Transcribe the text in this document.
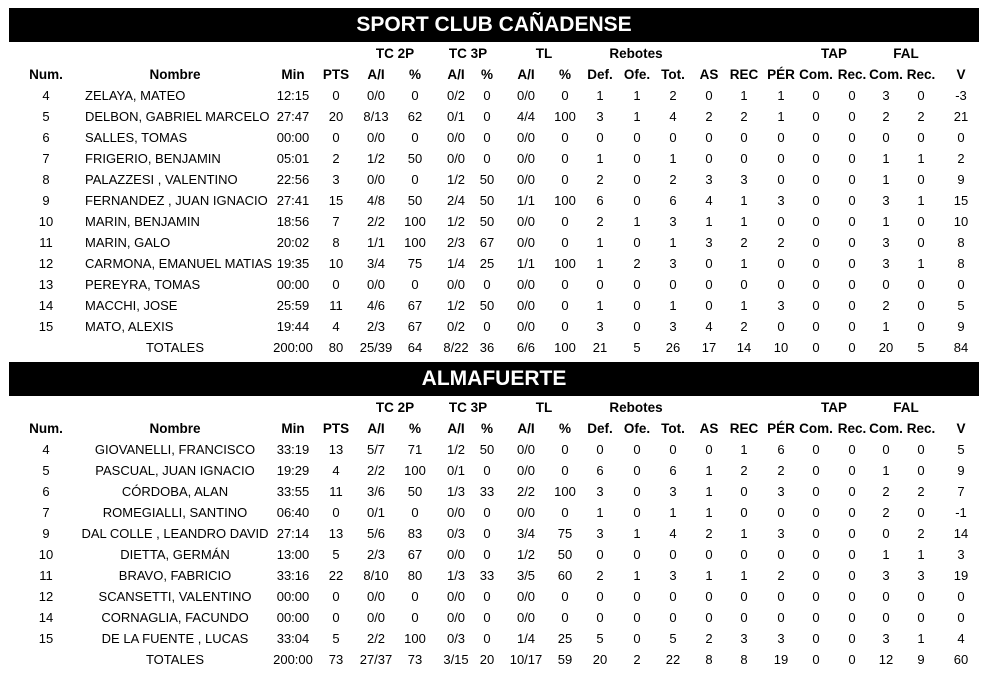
SPORT CLUB CAÑADENSE
TC 2P	TC 3P	TL	Rebotes	TAP	FAL
Num.	Nombre	Min PTS A/I % A/I % A/I % Def. Ofe. Tot. AS REC PÉR Com. Rec. Com. Rec. V
4	ZELAYA, MATEO	12:15 0 0/0 0 0/2 0 0/0 0 1 1 2 0 1 1 0 0 3 0 -3
5	DELBON, GABRIEL MARCELO 27:47 20 8/13 62 0/1 0 4/4 100 3 1 4 2 2 1 0 0 2 2 21
6	SALLES, TOMAS	00:00 0 0/0 0 0/0 0 0/0 0 0 0 0 0 0 0 0 0 0 0	0
7	FRIGERIO, BENJAMIN	05:01 2 1/2 50 0/0 0 0/0 0 1 0 1 0 0 0 0 0 1 1	2
8	PALAZZESI , VALENTINO	22:56 3 0/0 0 1/2 50 0/0 0 2 0 2 3 3 0 0 0 1 0	9
9	FERNANDEZ , JUAN IGNACIO 27:41 15 4/8 50 2/4 50 1/1 100 6 0 6 4 1 3 0 0 3 1 15
10 MARIN, BENJAMIN	18:56 7 2/2 100 1/2 50 0/0 0 2 1 3 1 1 0 0 0 1 0 10
11 MARIN, GALO	20:02 8 1/1 100 2/3 67 0/0 0 1 0 1 3 2 2 0 0 3 0	8
12 CARMONA, EMANUEL MATIAS 19:35 10 3/4 75 1/4 25 1/1 100 1 2 3 0 1 0 0 0 3 1	8
13 PEREYRA, TOMAS	00:00 0 0/0 0 0/0 0 0/0 0 0 0 0 0 0 0 0 0 0 0	0
14 MACCHI, JOSE	25:59 11 4/6 67 1/2 50 0/0 0 1 0 1 0 1 3 0 0 2 0	5
15 MATO, ALEXIS	19:44 4 2/3 67 0/2 0 0/0 0 3 0 3 4 2 0 0 0 1 0	9
TOTALES	200:00 80 25/39 64 8/22 36 6/6 100 21 5 26 17 14 10 0 0 20 5 84
ALMAFUERTE
TC 2P	TC 3P	TL	Rebotes	TAP	FAL
Num.	Nombre	Min PTS A/I % A/I % A/I % Def. Ofe. Tot. AS REC PÉR Com. Rec. Com. Rec. V
4	GIOVANELLI, FRANCISCO 33:19 13 5/7 71 1/2 50 0/0 0 0 0 0 0 1 6 0 0 0 0	5
5	PASCUAL, JUAN IGNACIO 19:29 4 2/2 100 0/1 0 0/0 0 6 0 6 1 2 2 0 0 1 0	9
6	CÓRDOBA, ALAN	33:55 11 3/6 50 1/3 33 2/2 100 3 0 3 1 0 3 0 0 2 2	7
7	ROMEGIALLI, SANTINO 06:40 0 0/1 0 0/0 0 0/0 0 1 0 1 1 0 0 0 0 2 0 -1
9 DAL COLLE , LEANDRO DAVID 27:14 13 5/6 83 0/3 0 3/4 75 3 1 4 2 1 3 0 0 0 2 14
10	DIETTA, GERMÁN	13:00 5 2/3 67 0/0 0 1/2 50 0 0 0 0 0 0 0 0 1 1	3
11	BRAVO, FABRICIO	33:16 22 8/10 80 1/3 33 3/5 60 2 1 3 1 1 2 0 0 3 3 19
12	SCANSETTI, VALENTINO 00:00 0 0/0 0 0/0 0 0/0 0 0 0 0 0 0 0 0 0 0 0	0
14	CORNAGLIA, FACUNDO 00:00 0 0/0 0 0/0 0 0/0 0 0 0 0 0 0 0 0 0 0 0	0
15	DE LA FUENTE , LUCAS 33:04 5 2/2 100 0/3 0 1/4 25 5 0 5 2 3 3 0 0 3 1	4
TOTALES	200:00 73 27/37 73 3/15 20 10/17 59 20 2 22 8 8 19 0 0 12 9 60
